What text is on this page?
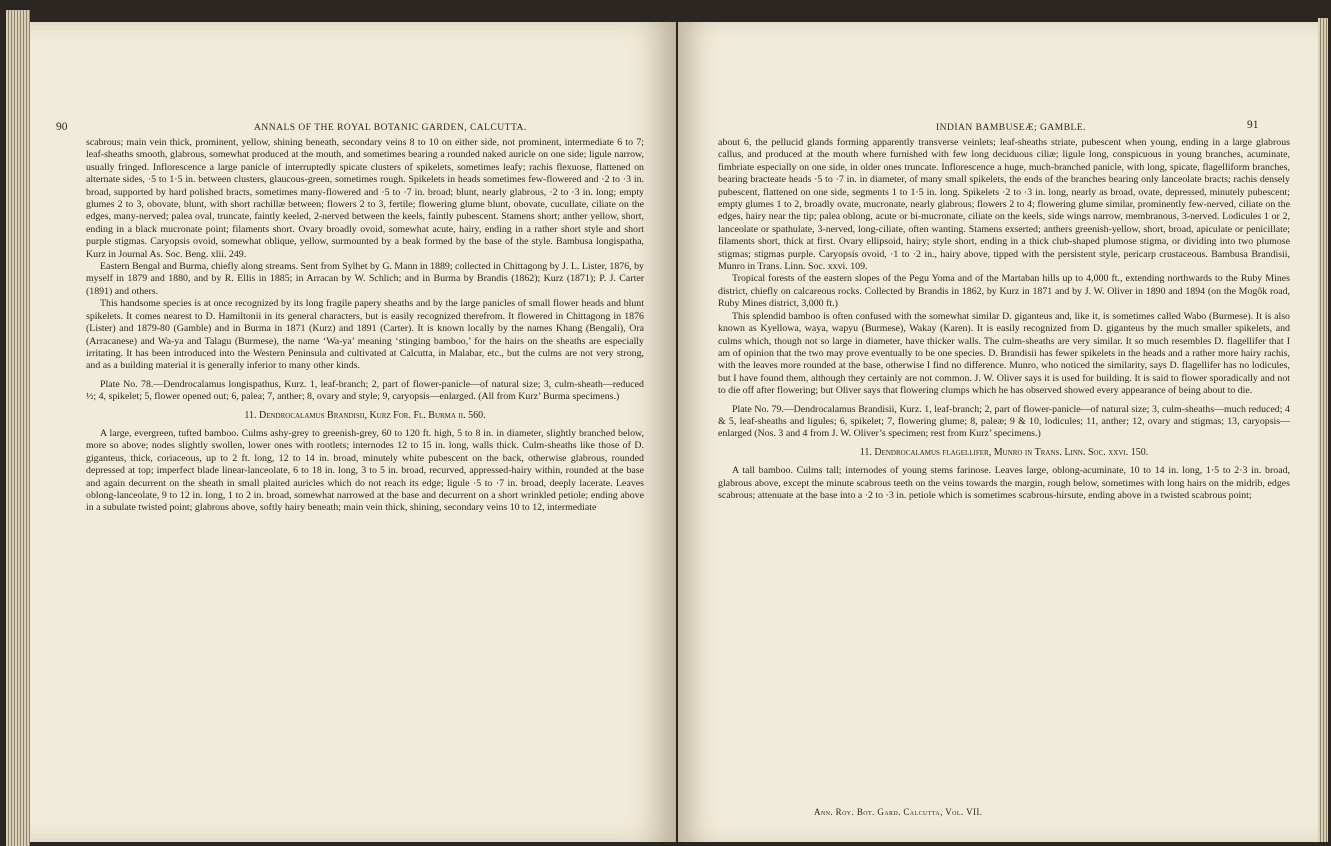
90	ANNALS OF THE ROYAL BOTANIC GARDEN, CALCUTTA.

scabrous; main vein thick, prominent, yellow, shining beneath, secondary veins 8 to 10 on either side, not prominent, intermediate 6 to 7; leaf-sheaths smooth, glabrous, somewhat produced at the mouth, and sometimes bearing a rounded naked auricle on one side; ligule narrow, usually fringed. Inflorescence a large panicle of interruptedly spicate clusters of spikelets, sometimes leafy; rachis flexuose, flattened on alternate sides, ·5 to 1·5 in. between clusters, glaucous-green, sometimes rough. Spikelets in heads sometimes few-flowered and ·2 to ·3 in. broad, supported by hard polished bracts, sometimes many-flowered and ·5 to ·7 in. broad; blunt, nearly glabrous, ·2 to ·3 in. long; empty glumes 2 to 3, obovate, blunt, with short rachillæ between; flowers 2 to 3, fertile; flowering glume blunt, obovate, cucullate, ciliate on the edges, many-nerved; palea oval, truncate, faintly keeled, 2-nerved between the keels, faintly pubescent. Stamens short; anther yellow, short, ending in a black mucronate point; filaments short. Ovary broadly ovoid, somewhat acute, hairy, ending in a rather short style and short purple stigmas. Caryopsis ovoid, somewhat oblique, yellow, surmounted by a beak formed by the base of the style. Bambusa longispatha, Kurz in Journal As. Soc. Beng. xlii. 249.

Eastern Bengal and Burma, chiefly along streams. Sent from Sylhet by G. Mann in 1889; collected in Chittagong by J. L. Lister, 1876, by myself in 1879 and 1880, and by R. Ellis in 1885; in Arracan by W. Schlich; and in Burma by Brandis (1862); Kurz (1871); P. J. Carter (1891) and others.

This handsome species is at once recognized by its long fragile papery sheaths and by the large panicles of small flower heads and blunt spikelets. It comes nearest to D. Hamiltonii in its general characters, but is easily recognized therefrom. It flowered in Chittagong in 1876 (Lister) and 1879-80 (Gamble) and in Burma in 1871 (Kurz) and 1891 (Carter). It is known locally by the names Khang (Bengali), Ora (Arracanese) and Wa-ya and Talagu (Burmese), the name ‘Wa-ya’ meaning ‘stinging bamboo,’ for the hairs on the sheaths are especially irritating. It has been introduced into the Western Peninsula and cultivated at Calcutta, in Malabar, etc., but the culms are not very strong, and as a building material it is generally inferior to many other kinds.

Plate No. 78.—Dendrocalamus longispathus, Kurz. 1, leaf-branch; 2, part of flower-panicle—of natural size; 3, culm-sheath—reduced ½; 4, spikelet; 5, flower opened out; 6, palea; 7, anther; 8, ovary and style; 9, caryopsis—enlarged. (All from Kurz’ Burma specimens.)

11. Dendrocalamus Brandisii, Kurz For. Fl. Burma ii. 560.

A large, evergreen, tufted bamboo. Culms ashy-grey to greenish-grey, 60 to 120 ft. high, 5 to 8 in. in diameter, slightly branched below, more so above; nodes slightly swollen, lower ones with rootlets; internodes 12 to 15 in. long, walls thick. Culm-sheaths like those of D. giganteus, thick, coriaceous, up to 2 ft. long, 12 to 14 in. broad, minutely white pubescent on the back, otherwise glabrous, rounded depressed at top; imperfect blade linear-lanceolate, 6 to 18 in. long, 3 to 5 in. broad, recurved, appressed-hairy within, rounded at the base and again decurrent on the sheath in small plaited auricles which do not reach its edge; ligule ·5 to ·7 in. broad, deeply lacerate. Leaves oblong-lanceolate, 9 to 12 in. long, 1 to 2 in. broad, somewhat narrowed at the base and decurrent on a short wrinkled petiole; ending above in a subulate twisted point; glabrous above, softly hairy beneath; main vein thick, shining, secondary veins 10 to 12, intermediate

INDIAN BAMBUSEÆ; GAMBLE.	91

about 6, the pellucid glands forming apparently transverse veinlets; leaf-sheaths striate, pubescent when young, ending in a large glabrous callus, and produced at the mouth where furnished with few long deciduous ciliæ; ligule long, conspicuous in young branches, acuminate, fimbriate especially on one side, in older ones truncate. Inflorescence a huge, much-branched panicle, with long, spicate, flagelliform branches, bearing bracteate heads ·5 to ·7 in. in diameter, of many small spikelets, the ends of the branches bearing only lanceolate bracts; rachis densely pubescent, flattened on one side, segments 1 to 1·5 in. long. Spikelets ·2 to ·3 in. long, nearly as broad, ovate, depressed, minutely pubescent; empty glumes 1 to 2, broadly ovate, mucronate, nearly glabrous; flowers 2 to 4; flowering glume similar, prominently few-nerved, ciliate on the edges, hairy near the tip; palea oblong, acute or bi-mucronate, ciliate on the keels, side wings narrow, membranous, 3-nerved. Lodicules 1 or 2, lanceolate or spathulate, 3-nerved, long-ciliate, often wanting. Stamens exserted; anthers greenish-yellow, short, broad, apiculate or penicillate; filaments short, thick at first. Ovary ellipsoid, hairy; style short, ending in a thick club-shaped plumose stigma, or dividing into two plumose stigmas; stigmas purple. Caryopsis ovoid, ·1 to ·2 in., hairy above, tipped with the persistent style, pericarp crustaceous. Bambusa Brandisii, Munro in Trans. Linn. Soc. xxvi. 109.

Tropical forests of the eastern slopes of the Pegu Yoma and of the Martaban hills up to 4,000 ft., extending northwards to the Ruby Mines district, chiefly on calcareous rocks. Collected by Brandis in 1862, by Kurz in 1871 and by J. W. Oliver in 1890 and 1894 (on the Mogôk road, Ruby Mines district, 3,000 ft.)

This splendid bamboo is often confused with the somewhat similar D. giganteus and, like it, is sometimes called Wabo (Burmese). It is also known as Kyellowa, waya, wapyu (Burmese), Wakay (Karen). It is easily recognized from D. giganteus by the much smaller spikelets, and culms which, though not so large in diameter, have thicker walls. The culm-sheaths are very similar. It so much resembles D. flagellifer that I am of opinion that the two may prove eventually to be one species. D. Brandisii has fewer spikelets in the heads and a rather more hairy rachis, with the leaves more rounded at the base, otherwise I find no difference. Munro, who noticed the similarity, says D. flagellifer has no lodicules, but I have found them, although they certainly are not common. J. W. Oliver says it is used for building. It is said to flower sporadically and not to die off after flowering; but Oliver says that flowering clumps which he has observed showed every appearance of being about to die.

Plate No. 79.—Dendrocalamus Brandisii, Kurz. 1, leaf-branch; 2, part of flower-panicle—of natural size; 3, culm-sheaths—much reduced; 4 & 5, leaf-sheaths and ligules; 6, spikelet; 7, flowering glume; 8, paleæ; 9 & 10, lodicules; 11, anther; 12, ovary and stigmas; 13, caryopsis—enlarged (Nos. 3 and 4 from J. W. Oliver’s specimen; rest from Kurz’ specimens.)

11. Dendrocalamus flagellifer, Munro in Trans. Linn. Soc. xxvi. 150.

A tall bamboo. Culms tall; internodes of young stems farinose. Leaves large, oblong-acuminate, 10 to 14 in. long, 1·5 to 2·3 in. broad, glabrous above, except the minute scabrous teeth on the veins towards the margin, rough below, sometimes with long hairs on the midrib, edges scabrous; attenuate at the base into a ·2 to ·3 in. petiole which is sometimes scabrous-hirsute, ending above in a twisted scabrous point;

Ann. Roy. Bot. Gard. Calcutta, Vol. VII.
